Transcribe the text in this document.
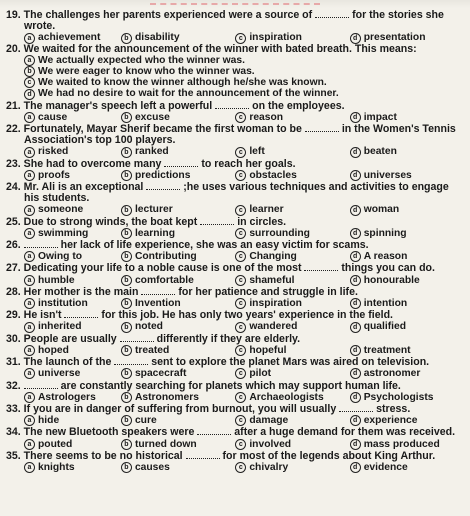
19. The challenges her parents experienced were a source of	for the stories she
wrote.
a achievement	b disability	c inspiration	d presentation
20. We waited for the announcement of the winner with bated breath. This means:
a We actually expected who the winner was.
b We were eager to know who the winner was.
c We waited to know the winner although he/she was known.
d We had no desire to wait for the announcement of the winner.
21. The manager's speech left a powerful	on the employees.
a cause	b excuse	c reason	d impact
22. Fortunately, Mayar Sherif became the first woman to be	in the Women's Tennis
Association's top 100 players.
a risked	b ranked	c left	d beaten
23. She had to overcome many	to reach her goals.
a proofs	b predictions	c obstacles	d universes
24. Mr. Ali is an exceptional	;he uses various techniques and activities to engage
his students.
a someone	b lecturer	c learner	d woman
25. Due to strong winds, the boat kept	in circles.
a swimming	b learning	c surrounding	d spinning
26.	her lack of life experience, she was an easy victim for scams.
a Owing to	b Contributing	c Changing	d A reason
27. Dedicating your life to a noble cause is one of the most	things you can do.
a humble	b comfortable	c shameful	d honourable
28. Her mother is the main	for her patience and struggle in life.
a institution	b Invention	c inspiration	d intention
29. He isn't	for this job. He has only two years' experience in the field.
a inherited	b noted	c wandered	d qualified
30. People are usually	differently if they are elderly.
a hoped	b treated	c hopeful	d treatment
31. The launch of the	sent to explore the planet Mars was aired on television.
a universe	b spacecraft	c pilot	d astronomer
32.	are constantly searching for planets which may support human life.
a Astrologers	b Astronomers	c Archaeologists	d Psychologists
33. If you are in danger of suffering from burnout, you will usually	stress.
a hide	b cure	c damage	d experience
34. The new Bluetooth speakers were	after a huge demand for them was received.
a pouted	b turned down	c involved	d mass produced
35. There seems to be no historical	for most of the legends about King Arthur.
a knights	b causes	c chivalry	d evidence
